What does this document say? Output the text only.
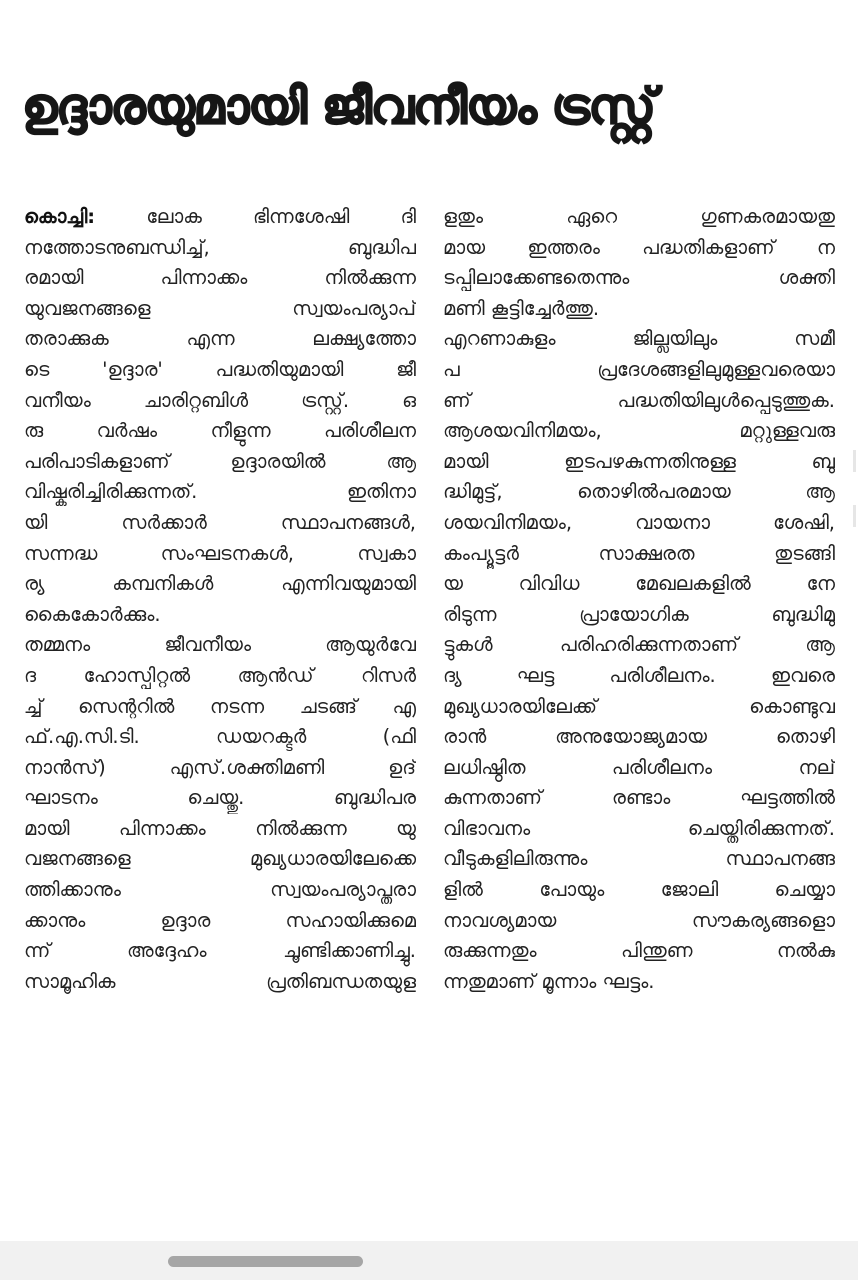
ഉദ്ദാരയുമായി ജീവനീയം ട്രസ്റ്റ്
കൊച്ചി: ലോക ഭിന്നശേഷി ദി
നത്തോടനുബന്ധിച്ച്, ബുദ്ധിപ
രമായി പിന്നാക്കം നിൽക്കുന്ന
യുവജനങ്ങളെ സ്വയംപര്യാപ്
തരാക്കുക എന്ന ലക്ഷ്യത്തോ
ടെ 'ഉദ്ദാര' പദ്ധതിയുമായി ജീ
വനീയം ചാരിറ്റബിൾ ട്രസ്റ്റ്. ഒ
രു വർഷം നീളുന്ന പരിശീലന
പരിപാടികളാണ് ഉദ്ദാരയിൽ ആ
വിഷ്കരിച്ചിരിക്കുന്നത്. ഇതിനാ
യി സർക്കാർ സ്ഥാപനങ്ങൾ,
സന്നദ്ധ സംഘടനകൾ, സ്വകാ
ര്യ കമ്പനികൾ എന്നിവയുമായി
കൈകോർക്കും.
തമ്മനം ജീവനീയം ആയുർവേ
ദ ഹോസ്പിറ്റൽ ആൻഡ് റിസർ
ച്ച് സെന്ററിൽ നടന്ന ചടങ്ങ് എ
ഫ്.എ.സി.ടി. ഡയറക്ടർ (ഫി
നാൻസ്) എസ്.ശക്തിമണി ഉദ്
ഘാടനം ചെയ്തു. ബുദ്ധിപര
മായി പിന്നാക്കം നിൽക്കുന്ന യു
വജനങ്ങളെ മുഖ്യധാരയിലേക്കെ
ത്തിക്കാനും സ്വയംപര്യാപ്തരാ
ക്കാനും ഉദ്ദാര സഹായിക്കുമെ
ന്ന് അദ്ദേഹം ചൂണ്ടിക്കാണിച്ചു.
സാമൂഹിക പ്രതിബന്ധതയുള
ളതും ഏറെ ഗുണകരമായതു
മായ ഇത്തരം പദ്ധതികളാണ് ന
ടപ്പിലാക്കേണ്ടതെന്നും ശക്തി
മണി കൂട്ടിച്ചേർത്തു.
എറണാകുളം ജില്ലയിലും സമീ
പ പ്രദേശങ്ങളിലുമുള്ളവരെയാ
ണ് പദ്ധതിയിലുൾപ്പെടുത്തുക.
ആശയവിനിമയം, മറ്റുള്ളവരു
മായി ഇടപഴകുന്നതിനുള്ള ബു
ദ്ധിമുട്ട്, തൊഴിൽപരമായ ആ
ശയവിനിമയം, വായനാ ശേഷി,
കംപ്യൂട്ടർ സാക്ഷരത തുടങ്ങി
യ വിവിധ മേഖലകളിൽ നേ
രിടുന്ന പ്രായോഗിക ബുദ്ധിമു
ട്ടുകൾ പരിഹരിക്കുന്നതാണ് ആ
ദ്യ ഘട്ട പരിശീലനം. ഇവരെ
മുഖ്യധാരയിലേക്ക് കൊണ്ടുവ
രാൻ അനുയോജ്യമായ തൊഴി
ലധിഷ്ഠിത പരിശീലനം നല്
കുന്നതാണ് രണ്ടാം ഘട്ടത്തിൽ
വിഭാവനം ചെയ്തിരിക്കുന്നത്.
വീടുകളിലിരുന്നും സ്ഥാപനങ്ങ
ളിൽ പോയും ജോലി ചെയ്യാ
നാവശ്യമായ സൗകര്യങ്ങളൊ
രുക്കുന്നതും പിന്തുണ നൽകു
ന്നതുമാണ് മൂന്നാം ഘട്ടം.
